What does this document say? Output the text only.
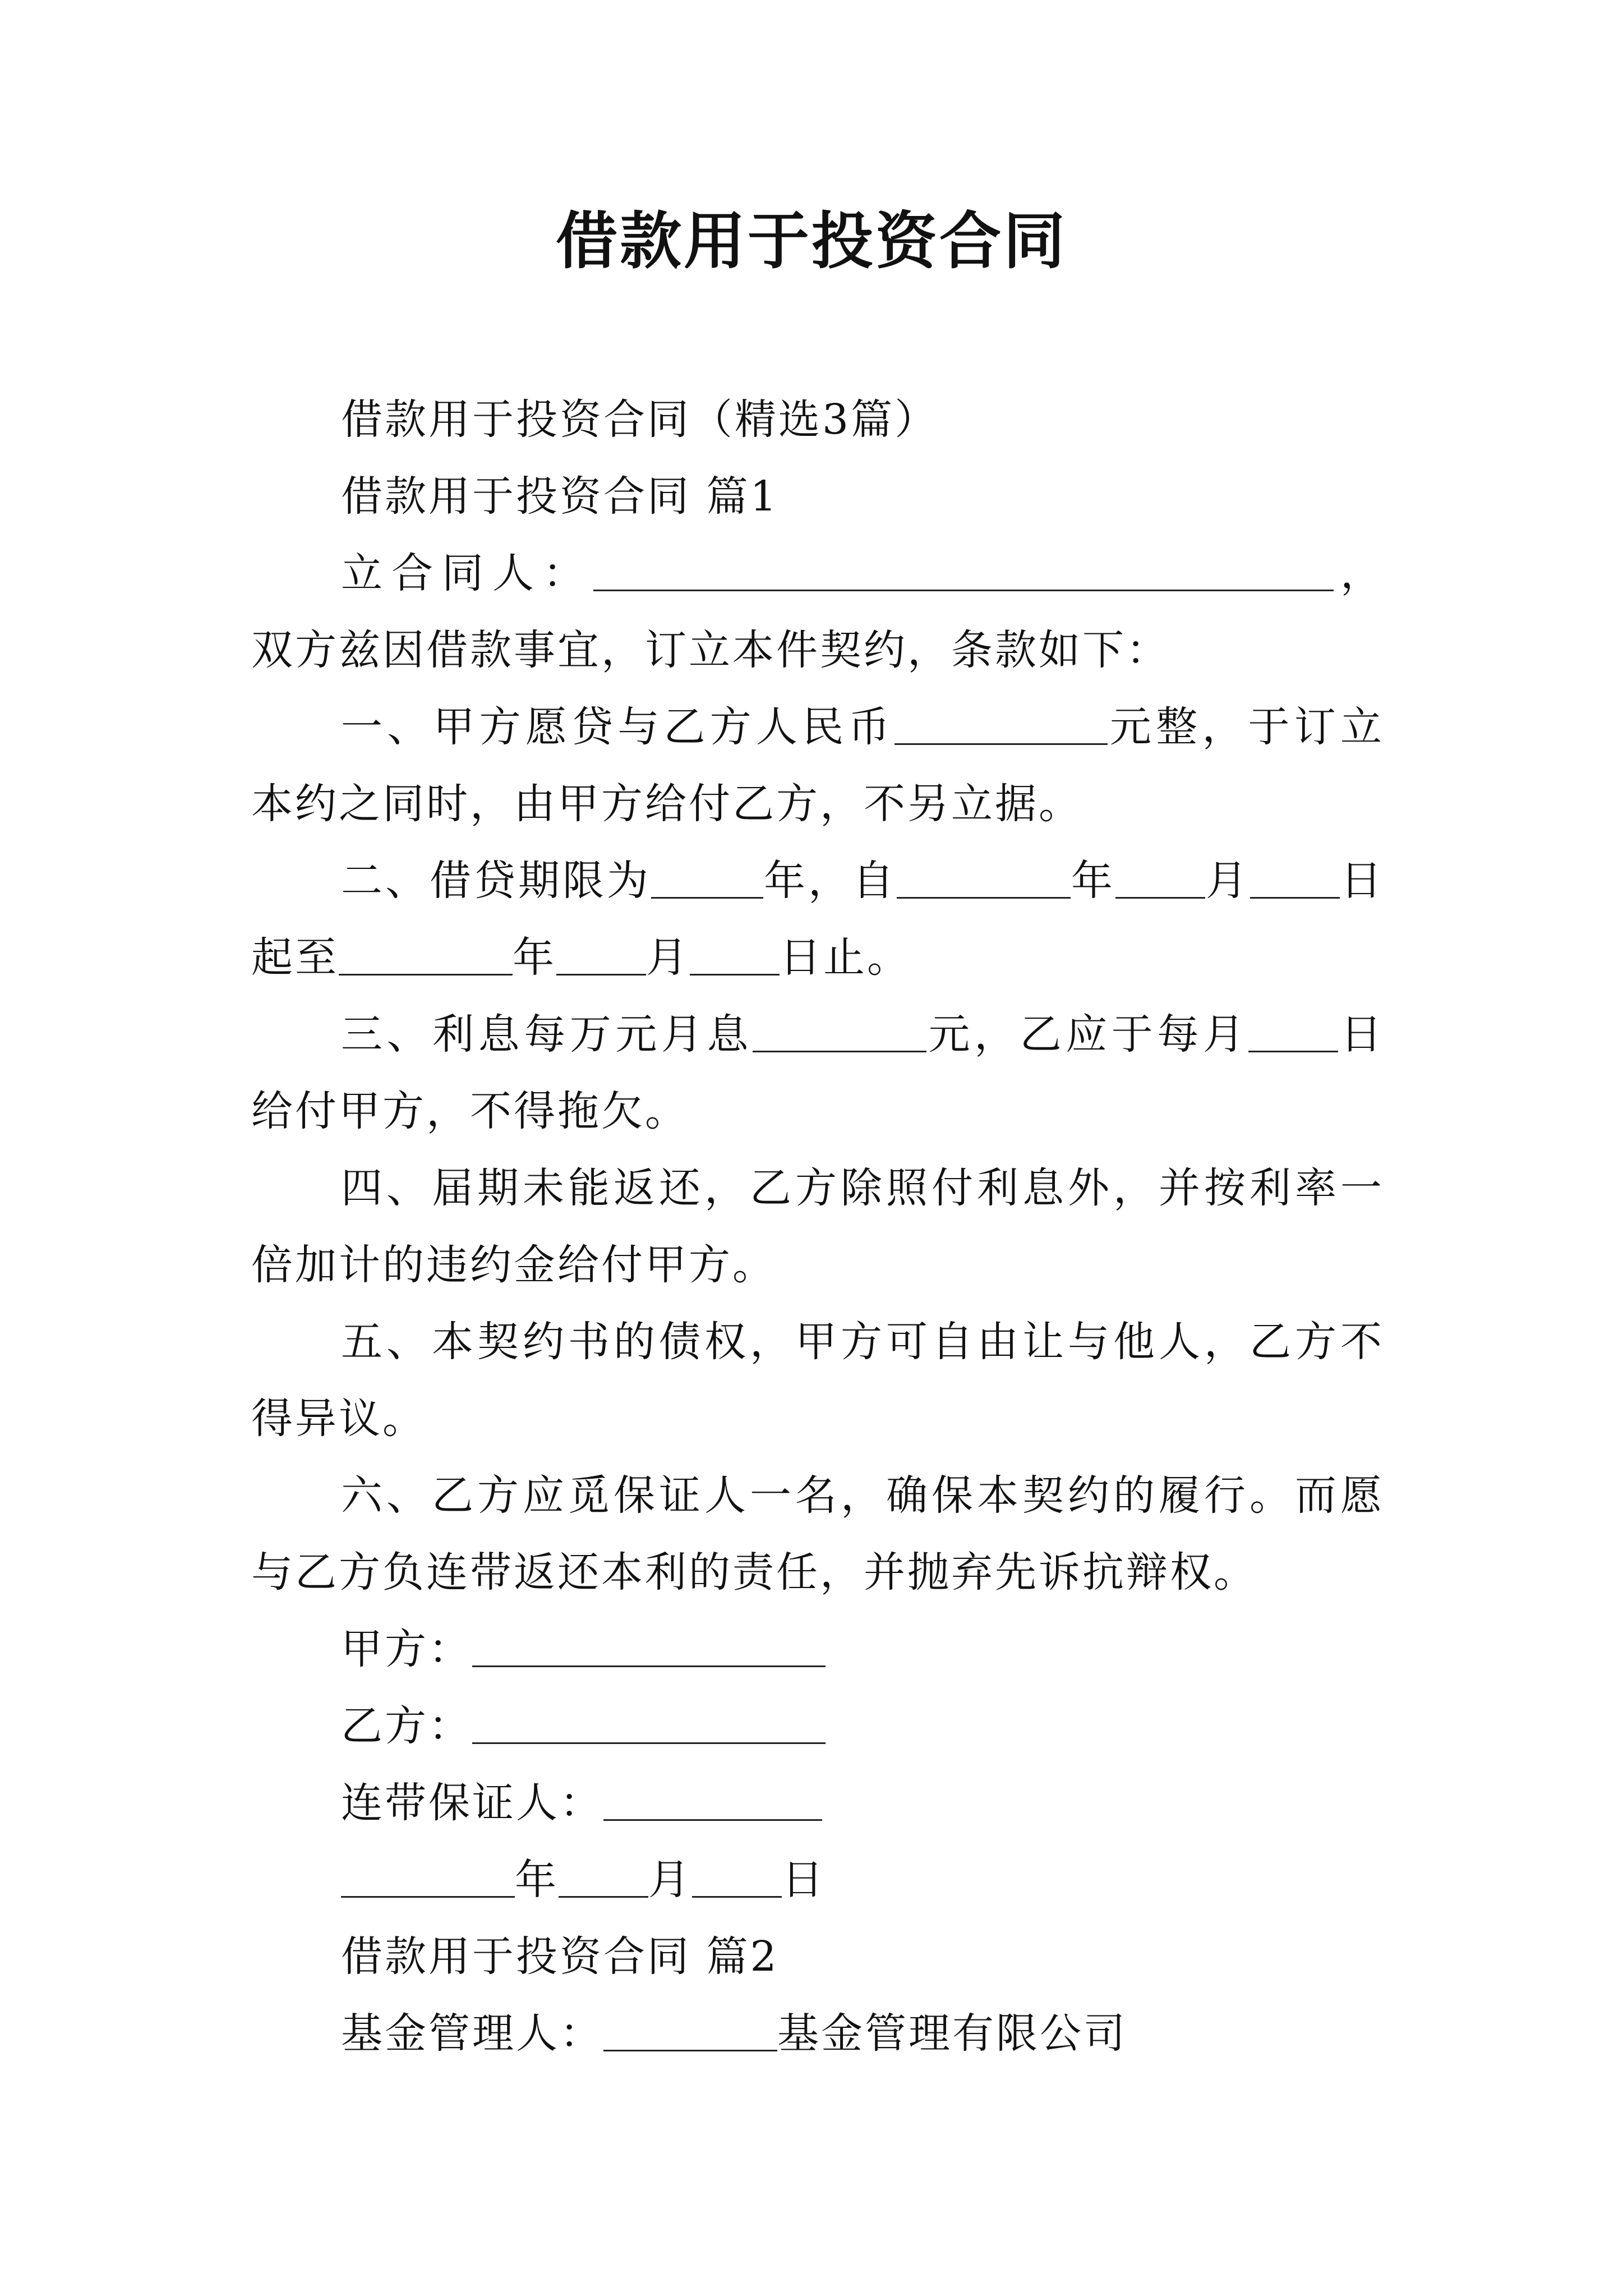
借款用于投资合同

借款用于投资合同（精选3篇）

借款用于投资合同 篇1

立合同人：	，双方兹因借款事宜，订立本件契约，条款如下：

一、甲方愿贷与乙方人民币	元整，于订立本约之同时，由甲方给付乙方，不另立据。

二、借贷期限为	年，自	年 月 日起至	年 月 日止。

三、利息每万元月息	元，乙应于每月 日给付甲方，不得拖欠。

四、届期未能返还，乙方除照付利息外，并按利率一倍加计的违约金给付甲方。

五、本契约书的债权，甲方可自由让与他人，乙方不得异议。

六、乙方应觅保证人一名，确保本契约的履行。而愿与乙方负连带返还本利的责任，并抛弃先诉抗辩权。

甲方：

乙方：

连带保证人：

年 月 日

借款用于投资合同 篇2

基金管理人：	基金管理有限公司
